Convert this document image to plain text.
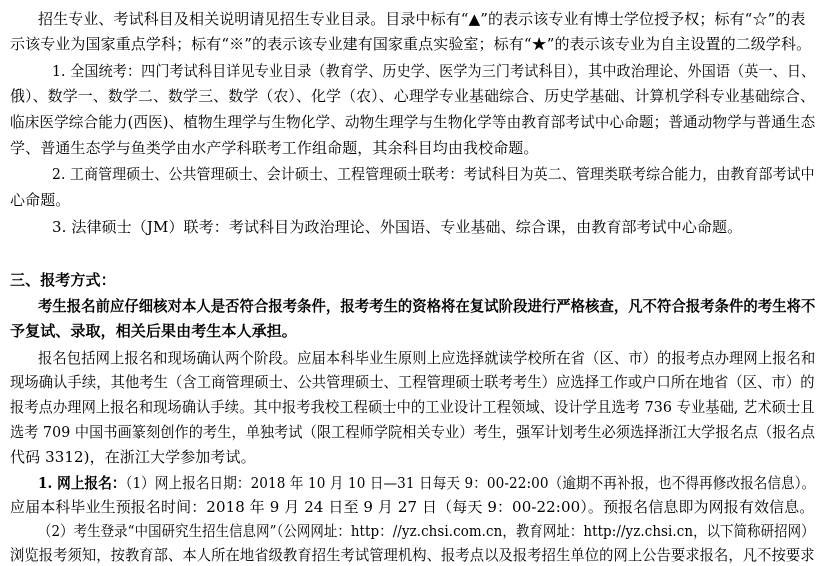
招生专业、考试科目及相关说明请见招生专业目录。目录中标有“▲”的表示该专业有博士学位授予权；标有“☆”的表
示该专业为国家重点学科；标有“※”的表示该专业建有国家重点实验室；标有“★”的表示该专业为自主设置的二级学科。
1. 全国统考：四门考试科目详见专业目录（教育学、历史学、医学为三门考试科目），其中政治理论、外国语（英一、日、
俄）、数学一、数学二、数学三、数学（农）、化学（农）、心理学专业基础综合、历史学基础、计算机学科专业基础综合、
临床医学综合能力(西医)、植物生理学与生物化学、动物生理学与生物化学等由教育部考试中心命题；普通动物学与普通生态
学、普通生态学与鱼类学由水产学科联考工作组命题，其余科目均由我校命题。
2. 工商管理硕士、公共管理硕士、会计硕士、工程管理硕士联考：考试科目为英二、管理类联考综合能力，由教育部考试中
心命题。
3. 法律硕士（JM）联考：考试科目为政治理论、外国语、专业基础、综合课，由教育部考试中心命题。
三、报考方式：
考生报名前应仔细核对本人是否符合报考条件，报考考生的资格将在复试阶段进行严格核查，凡不符合报考条件的考生将不
予复试、录取，相关后果由考生本人承担。
报名包括网上报名和现场确认两个阶段。应届本科毕业生原则上应选择就读学校所在省（区、市）的报考点办理网上报名和
现场确认手续，其他考生（含工商管理硕士、公共管理硕士、工程管理硕士联考考生）应选择工作或户口所在地省（区、市）的
报考点办理网上报名和现场确认手续。其中报考我校工程硕士中的工业设计工程领域、设计学且选考 736 专业基础, 艺术硕士且
选考 709 中国书画篆刻创作的考生，单独考试（限工程师学院相关专业）考生，强军计划考生必须选择浙江大学报名点（报名点
代码 3312)，在浙江大学参加考试。
1. 网上报名：（1）网上报名日期：2018 年 10 月 10 日—31 日每天 9：00-22:00（逾期不再补报，也不得再修改报名信息）。
应届本科毕业生预报名时间：2018 年 9 月 24 日至 9 月 27 日（每天 9：00-22:00）。预报名信息即为网报有效信息。
（2）考生登录“中国研究生招生信息网”（公网网址：http：//yz.chsi.com.cn，教育网址：http://yz.chsi.cn，以下简称研招网）
浏览报考须知，按教育部、本人所在地省级教育招生考试管理机构、报考点以及报考招生单位的网上公告要求报名，凡不按要求
